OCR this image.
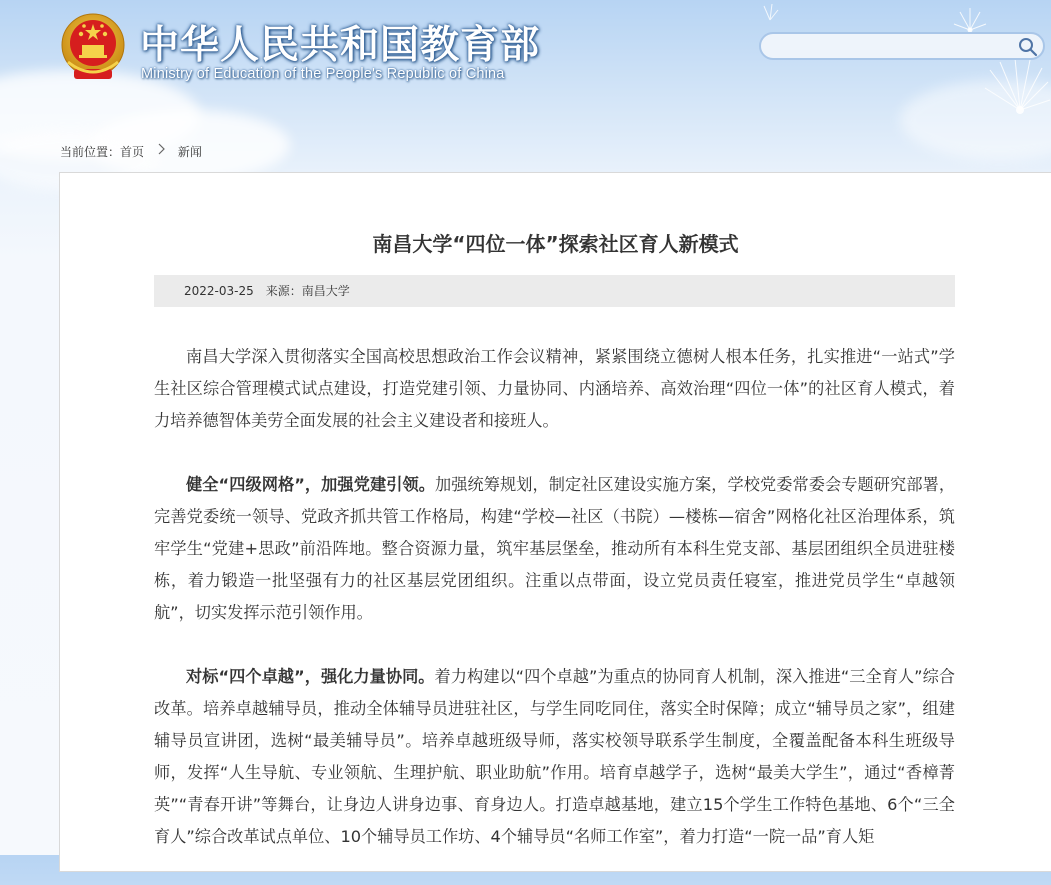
中华人民共和国教育部
Ministry of Education of the People's Republic of China
当前位置：首页	新闻
南昌大学“四位一体”探索社区育人新模式
2022-03-25 来源：南昌大学

南昌大学深入贯彻落实全国高校思想政治工作会议精神，紧紧围绕立德树人根本任务，扎实推进“一站式”学生社区综合管理模式试点建设，打造党建引领、力量协同、内涵培养、高效治理“四位一体”的社区育人模式，着力培养德智体美劳全面发展的社会主义建设者和接班人。

健全“四级网格”，加强党建引领。加强统筹规划，制定社区建设实施方案，学校党委常委会专题研究部署，完善党委统一领导、党政齐抓共管工作格局，构建“学校—社区（书院）—楼栋—宿舍”网格化社区治理体系，筑牢学生“党建+思政”前沿阵地。整合资源力量，筑牢基层堡垒，推动所有本科生党支部、基层团组织全员进驻楼栋，着力锻造一批坚强有力的社区基层党团组织。注重以点带面，设立党员责任寝室，推进党员学生“卓越领航”，切实发挥示范引领作用。

对标“四个卓越”，强化力量协同。着力构建以“四个卓越”为重点的协同育人机制，深入推进“三全育人”综合改革。培养卓越辅导员，推动全体辅导员进驻社区，与学生同吃同住，落实全时保障；成立“辅导员之家”，组建辅导员宣讲团，选树“最美辅导员”。培养卓越班级导师，落实校领导联系学生制度，全覆盖配备本科生班级导师，发挥“人生导航、专业领航、生理护航、职业助航”作用。培育卓越学子，选树“最美大学生”，通过“香樟菁英”“青春开讲”等舞台，让身边人讲身边事、育身边人。打造卓越基地，建立15个学生工作特色基地、6个“三全育人”综合改革试点单位、10个辅导员工作坊、4个辅导员“名师工作室”，着力打造“一院一品”育人矩
